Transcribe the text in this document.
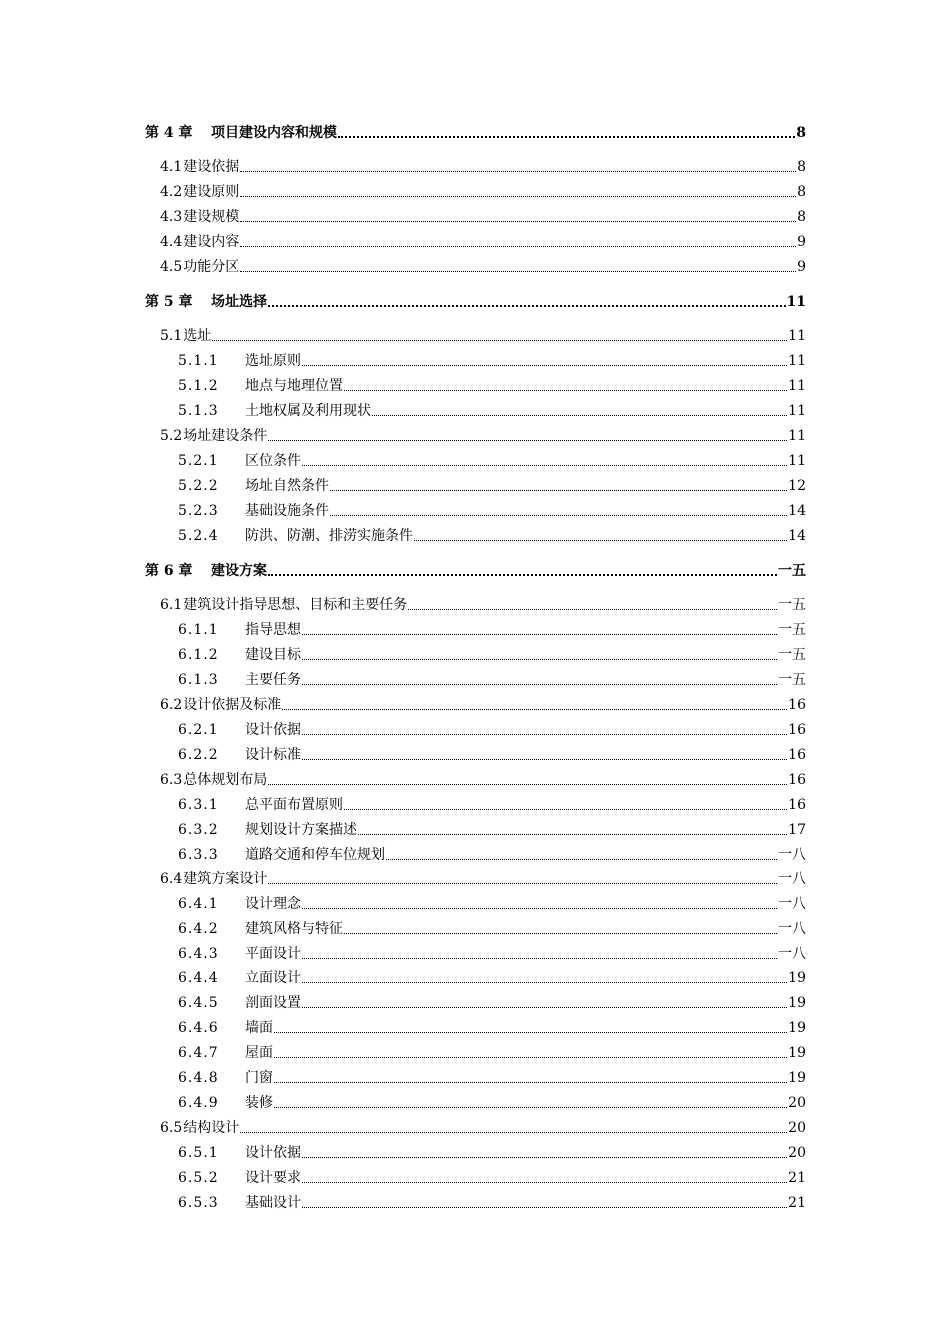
第 4 章	项目建设内容和规模	8
4.1 建设依据	8
4.2 建设原则	8
4.3 建设规模	8
4.4 建设内容	9
4.5 功能分区	9
第 5 章	场址选择	11
5.1 选址	11
5.1.1	选址原则	11
5.1.2	地点与地理位置	11
5.1.3	土地权属及利用现状	11
5.2 场址建设条件	11
5.2.1	区位条件	11
5.2.2	场址自然条件	12
5.2.3	基础设施条件	14
5.2.4	防洪、防潮、排涝实施条件	14
第 6 章	建设方案	一五
6.1 建筑设计指导思想、目标和主要任务	一五
6.1.1	指导思想	一五
6.1.2	建设目标	一五
6.1.3	主要任务	一五
6.2 设计依据及标准	16
6.2.1	设计依据	16
6.2.2	设计标准	16
6.3 总体规划布局	16
6.3.1	总平面布置原则	16
6.3.2	规划设计方案描述	17
6.3.3	道路交通和停车位规划	一八
6.4 建筑方案设计	一八
6.4.1	设计理念	一八
6.4.2	建筑风格与特征	一八
6.4.3	平面设计	一八
6.4.4	立面设计	19
6.4.5	剖面设置	19
6.4.6	墙面	19
6.4.7	屋面	19
6.4.8	门窗	19
6.4.9	装修	20
6.5 结构设计	20
6.5.1	设计依据	20
6.5.2	设计要求	21
6.5.3	基础设计	21
